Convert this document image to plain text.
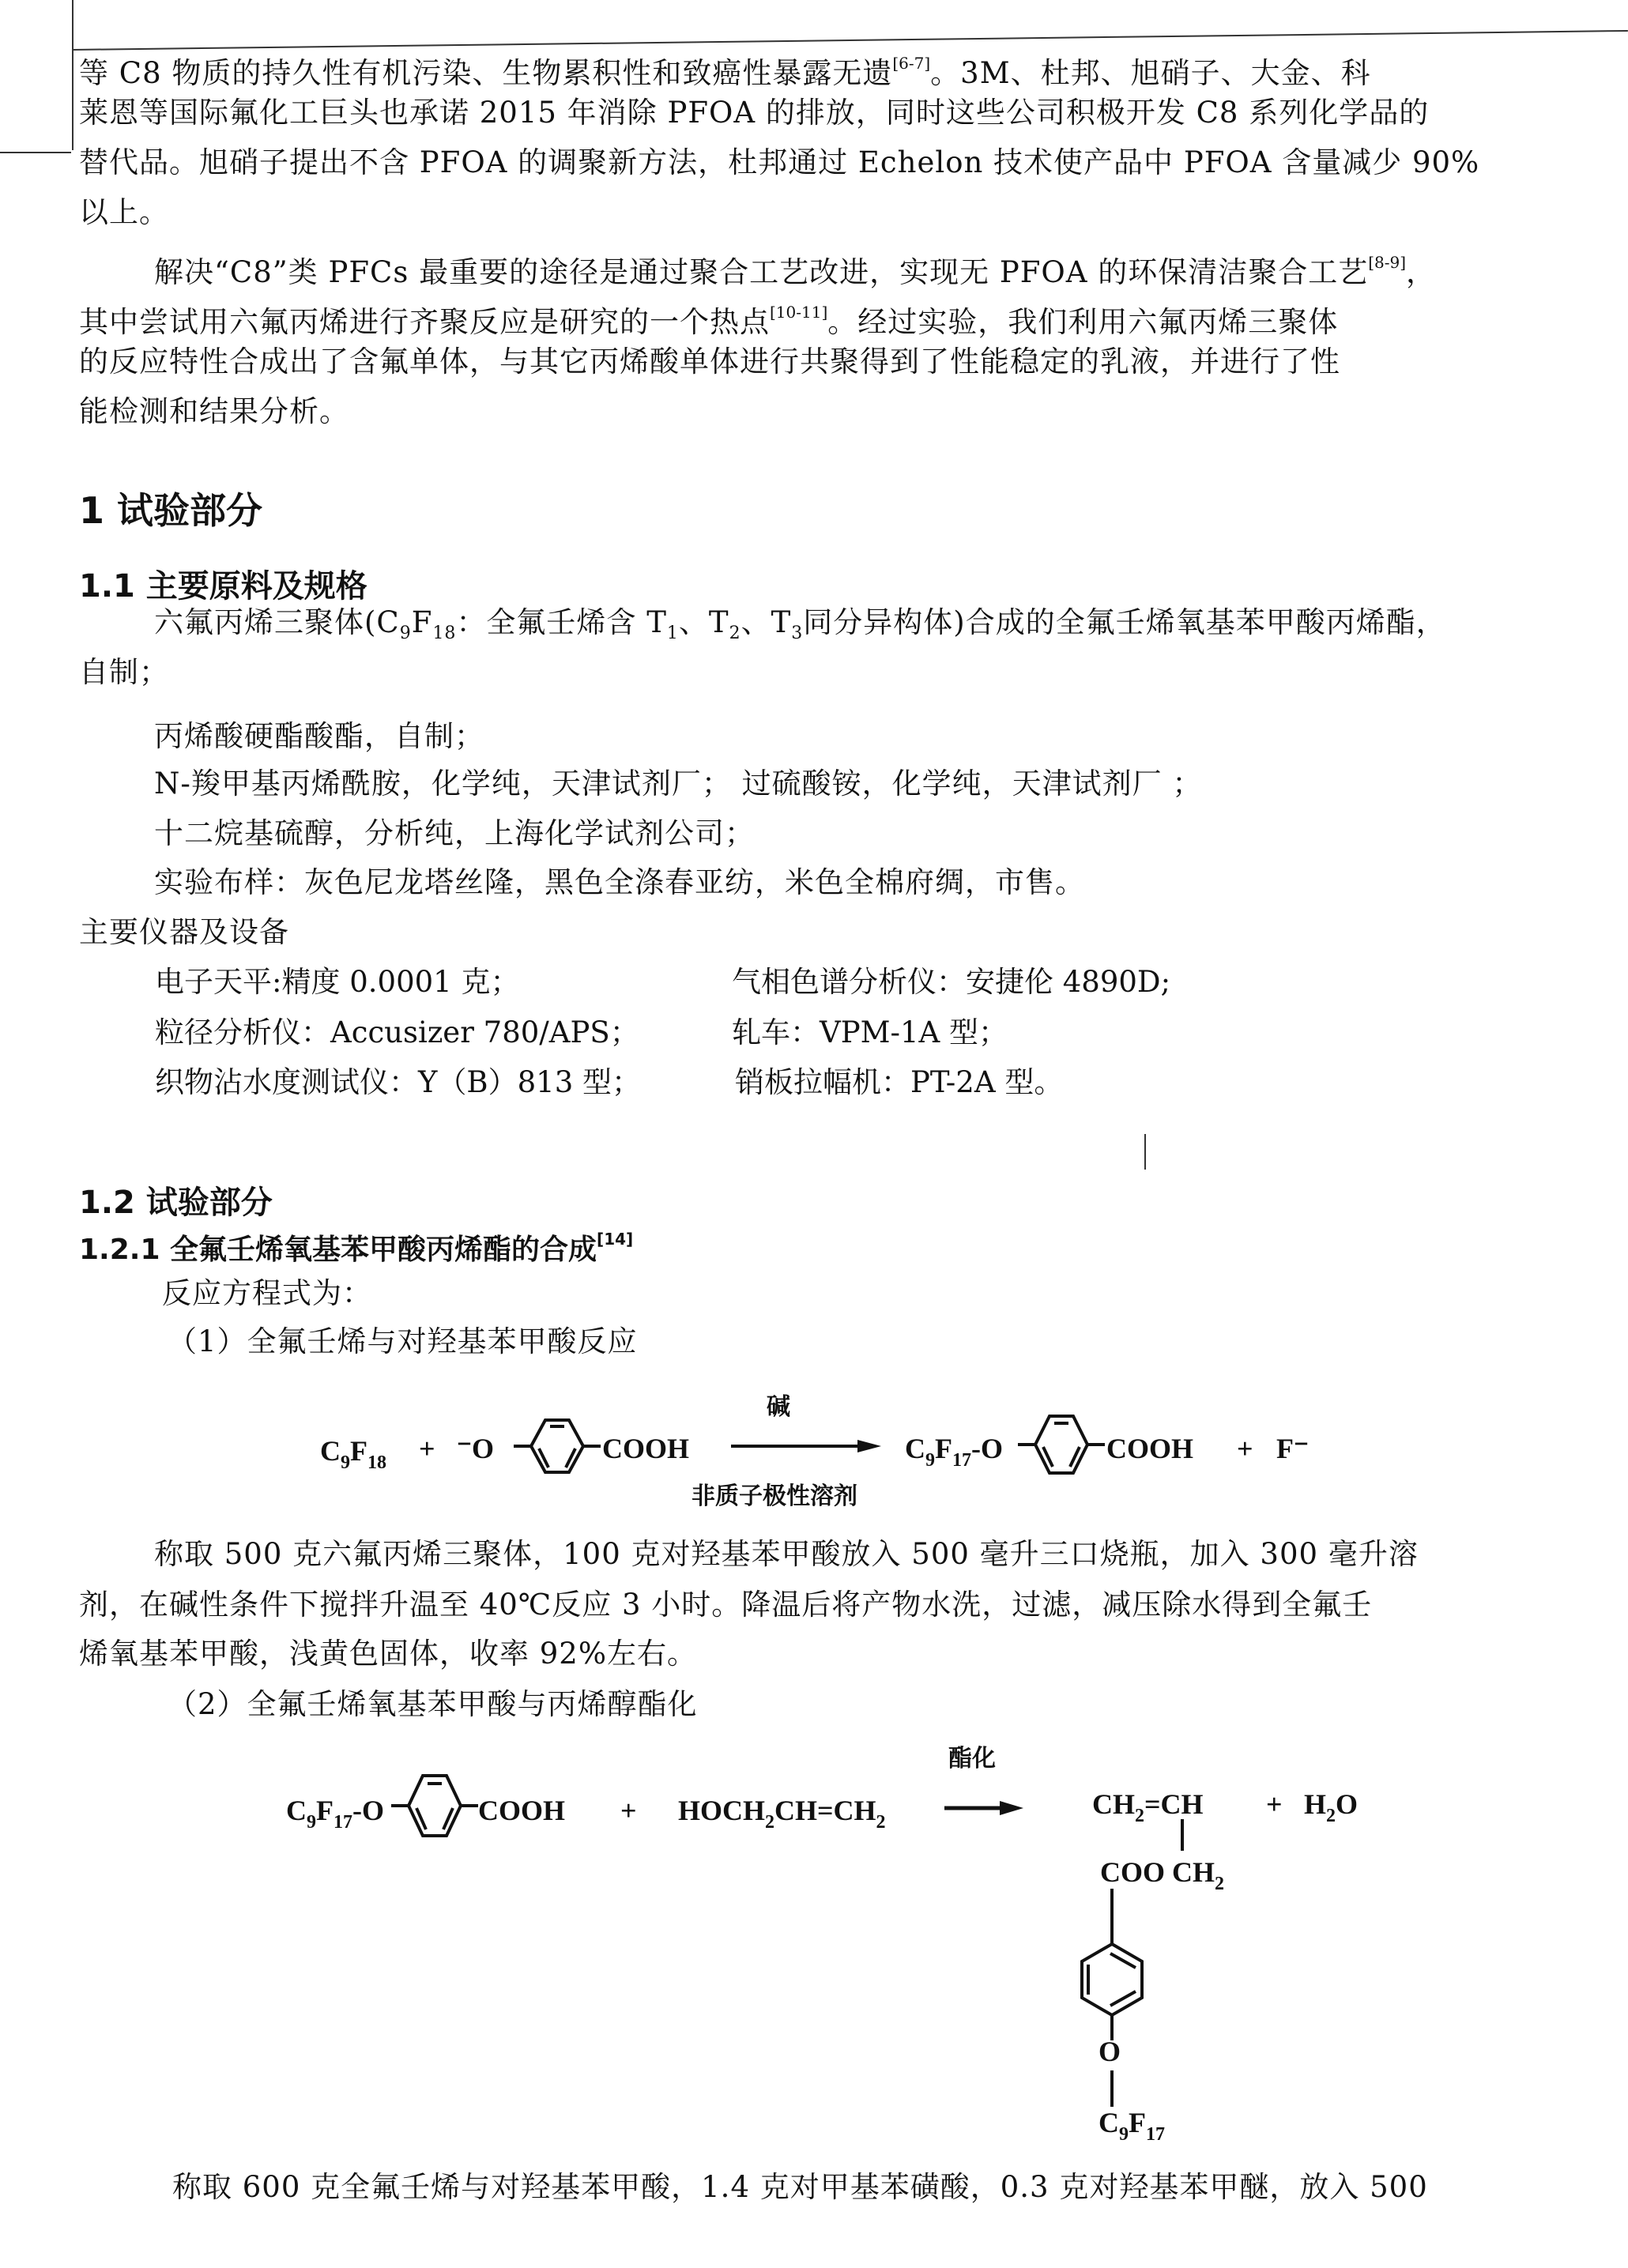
等 C8 物质的持久性有机污染、生物累积性和致癌性暴露无遗[6-7]。3M、杜邦、旭硝子、大金、科
莱恩等国际氟化工巨头也承诺 2015 年消除 PFOA 的排放，同时这些公司积极开发 C8 系列化学品的
替代品。旭硝子提出不含 PFOA 的调聚新方法，杜邦通过 Echelon 技术使产品中 PFOA 含量减少 90%
以上。
解决“C8”类 PFCs 最重要的途径是通过聚合工艺改进，实现无 PFOA 的环保清洁聚合工艺[8-9]，
其中尝试用六氟丙烯进行齐聚反应是研究的一个热点[10-11]。经过实验，我们利用六氟丙烯三聚体
的反应特性合成出了含氟单体，与其它丙烯酸单体进行共聚得到了性能稳定的乳液，并进行了性
能检测和结果分析。
1 试验部分
1.1 主要原料及规格
六氟丙烯三聚体($C_9F_{18}$：全氟壬烯含 $T_1$、$T_2$、$T_3$同分异构体)合成的全氟壬烯氧基苯甲酸丙烯酯，
自制；
丙烯酸硬酯酸酯，自制；
N-羧甲基丙烯酰胺，化学纯，天津试剂厂； 过硫酸铵，化学纯，天津试剂厂 ；
十二烷基硫醇，分析纯，上海化学试剂公司；
实验布样：灰色尼龙塔丝隆，黑色全涤春亚纺，米色全棉府绸，市售。
主要仪器及设备
电子天平:精度 0.0001 克；	气相色谱分析仪：安捷伦 4890D;
粒径分析仪：Accusizer 780/APS；	轧车：VPM-1A 型；
织物沾水度测试仪：Y（B）813 型；	销板拉幅机：PT-2A 型。
1.2 试验部分
1.2.1 全氟壬烯氧基苯甲酸丙烯酯的合成[14]
反应方程式为：
（1）全氟壬烯与对羟基苯甲酸反应
$C_9F_{18} + ^-O$	COOH
碱
非质子极性溶剂
$C_9F_{17}-O$	COOH + F⁻
称取 500 克六氟丙烯三聚体，100 克对羟基苯甲酸放入 500 毫升三口烧瓶，加入 300 毫升溶
剂，在碱性条件下搅拌升温至 40℃反应 3 小时。降温后将产物水洗，过滤，减压除水得到全氟壬
烯氧基苯甲酸，浅黄色固体，收率 92%左右。
（2）全氟壬烯氧基苯甲酸与丙烯醇酯化
$C_9F_{17}-O$	COOH + $HOCH_2CH=CH_2$
酯化
$CH_2=CH + H_2O$
COO $CH_2$
O
$C_9F_{17}$
称取 600 克全氟壬烯与对羟基苯甲酸，1.4 克对甲基苯磺酸，0.3 克对羟基苯甲醚，放入 500
